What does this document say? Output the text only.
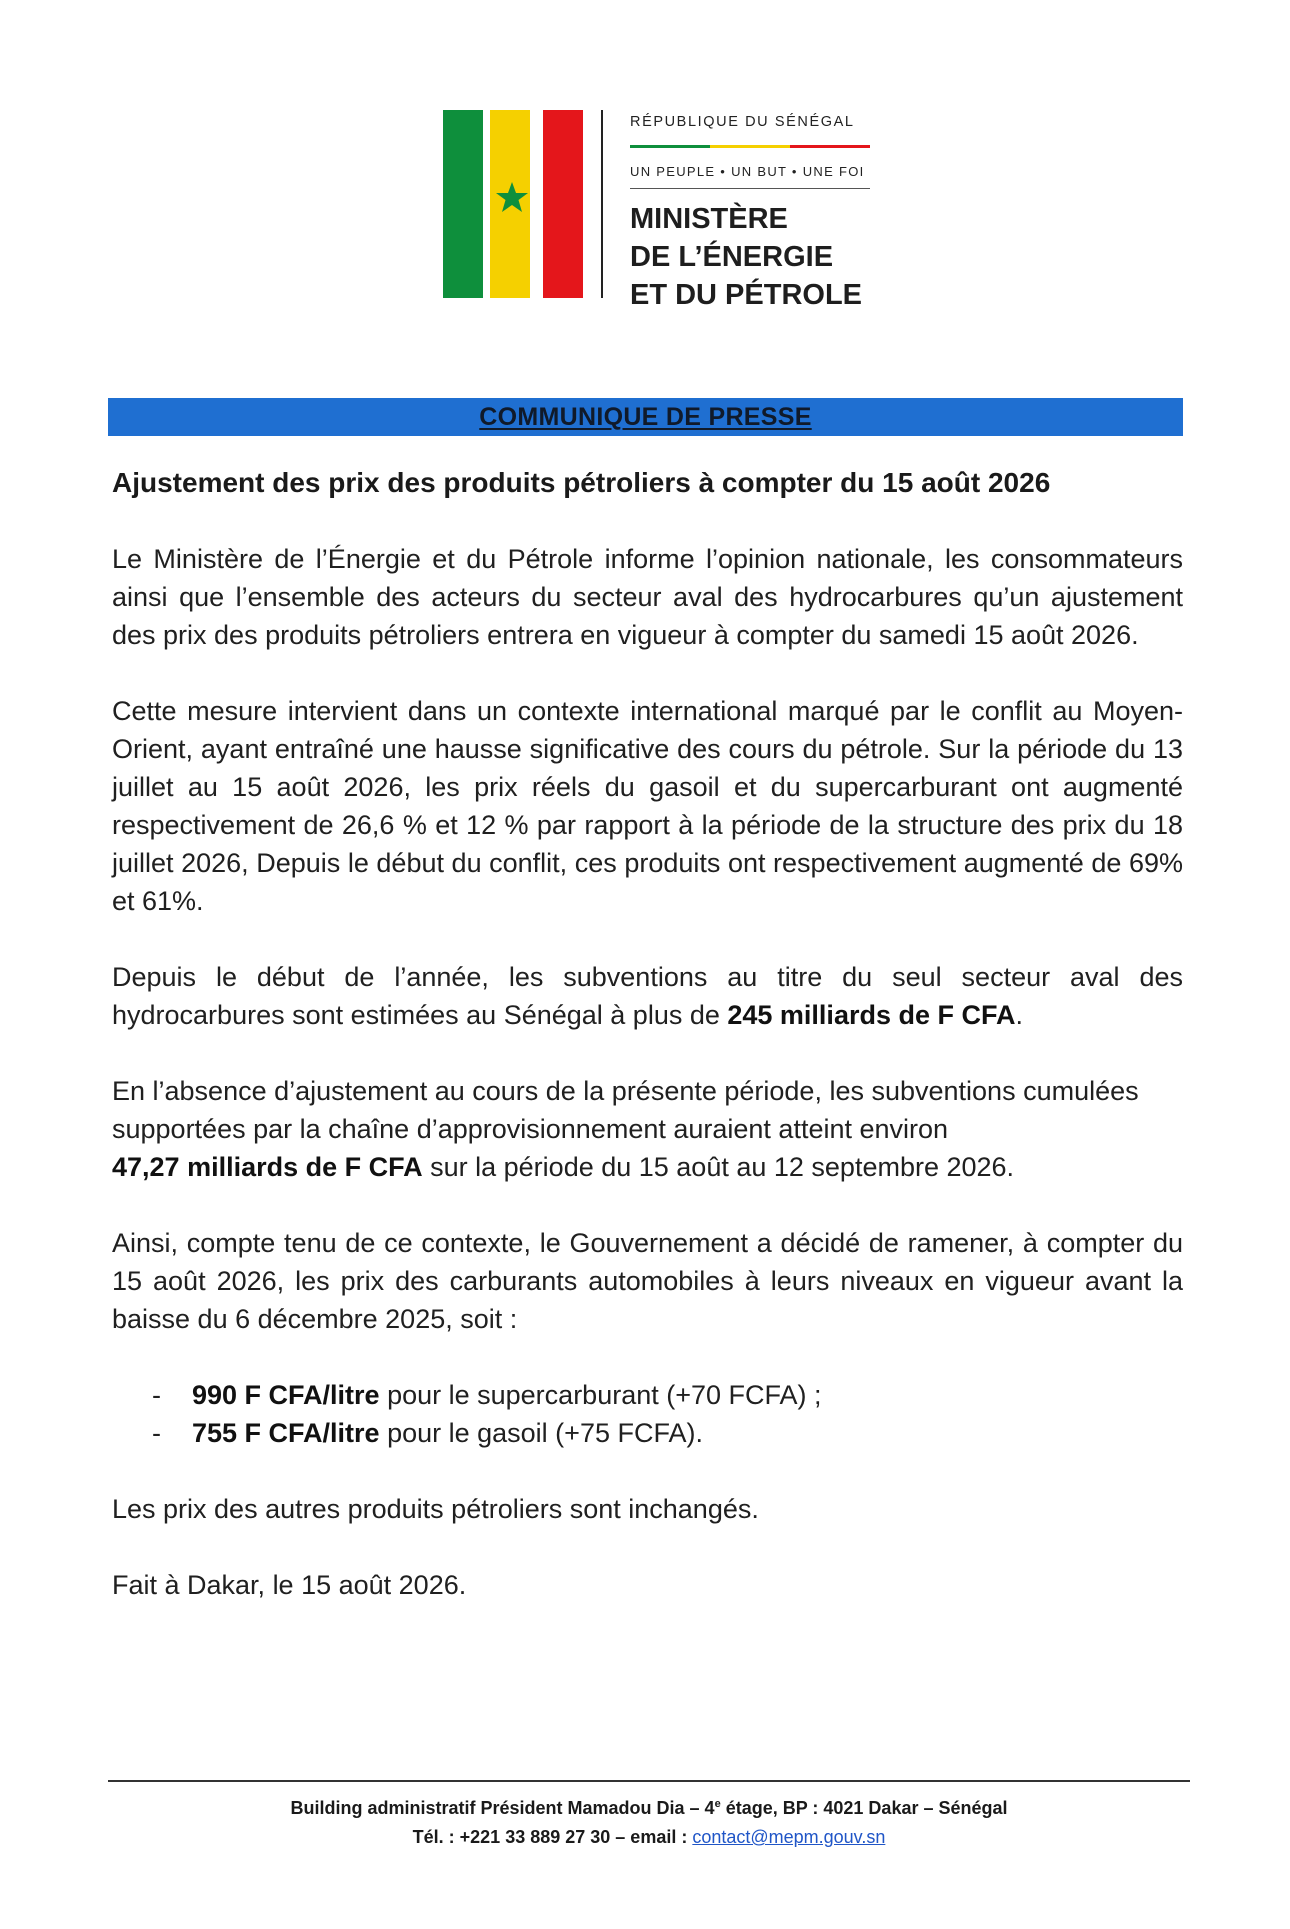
RÉPUBLIQUE DU SÉNÉGAL
UN PEUPLE • UN BUT • UNE FOI
MINISTÈRE
DE L’ÉNERGIE
ET DU PÉTROLE
COMMUNIQUE DE PRESSE
Ajustement des prix des produits pétroliers à compter du 15 août 2026

Le Ministère de l’Énergie et du Pétrole informe l’opinion nationale, les consommateurs ainsi que l’ensemble des acteurs du secteur aval des hydrocarbures qu’un ajustement des prix des produits pétroliers entrera en vigueur à compter du samedi 15 août 2026.

Cette mesure intervient dans un contexte international marqué par le conflit au Moyen-Orient, ayant entraîné une hausse significative des cours du pétrole. Sur la période du 13 juillet au 15 août 2026, les prix réels du gasoil et du supercarburant ont augmenté respectivement de 26,6 % et 12 % par rapport à la période de la structure des prix du 18 juillet 2026, Depuis le début du conflit, ces produits ont respectivement augmenté de 69% et 61%.

Depuis le début de l’année, les subventions au titre du seul secteur aval des hydrocarbures sont estimées au Sénégal à plus de 245 milliards de F CFA.

En l’absence d’ajustement au cours de la présente période, les subventions cumulées supportées par la chaîne d’approvisionnement auraient atteint environ
47,27 milliards de F CFA sur la période du 15 août au 12 septembre 2026.

Ainsi, compte tenu de ce contexte, le Gouvernement a décidé de ramener, à compter du 15 août 2026, les prix des carburants automobiles à leurs niveaux en vigueur avant la baisse du 6 décembre 2025, soit :

- 990 F CFA/litre pour le supercarburant (+70 FCFA) ;
- 755 F CFA/litre pour le gasoil (+75 FCFA).

Les prix des autres produits pétroliers sont inchangés.

Fait à Dakar, le 15 août 2026.

Building administratif Président Mamadou Dia – 4e étage, BP : 4021 Dakar – Sénégal
Tél. : +221 33 889 27 30 – email : contact@mepm.gouv.sn
